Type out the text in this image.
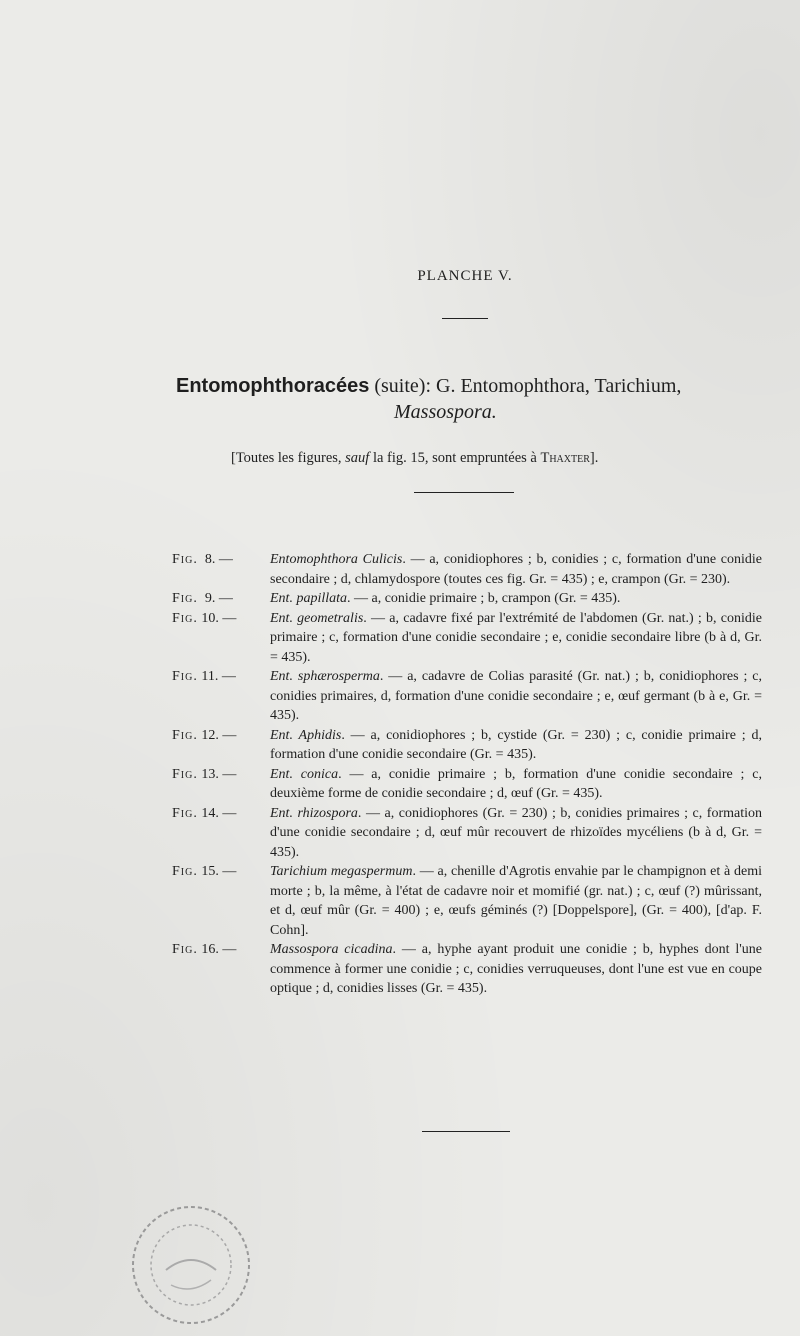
PLANCHE V.
Entomophthoracées (suite): G. Entomophthora, Tarichium,
Massospora.
[Toutes les figures, sauf la fig. 15, sont empruntées à Thaxter].
Fig. 8. —	Entomophthora Culicis. — a, conidiophores ; b, conidies ; c, formation d'une conidie secondaire ; d, chlamydospore (toutes ces fig. Gr. = 435) ; e, crampon (Gr. = 230).
Fig. 9. —	Ent. papillata. — a, conidie primaire ; b, crampon (Gr. = 435).
Fig. 10. —	Ent. geometralis. — a, cadavre fixé par l'extrémité de l'abdomen (Gr. nat.) ; b, conidie primaire ; c, formation d'une conidie secondaire ; e, conidie secondaire libre (b à d, Gr. = 435).
Fig. 11. —	Ent. sphærosperma. — a, cadavre de Colias parasité (Gr. nat.) ; b, conidiophores ; c, conidies primaires, d, formation d'une conidie secondaire ; e, œuf germant (b à e, Gr. = 435).
Fig. 12. —	Ent. Aphidis. — a, conidiophores ; b, cystide (Gr. = 230) ; c, conidie primaire ; d, formation d'une conidie secondaire (Gr. = 435).
Fig. 13. —	Ent. conica. — a, conidie primaire ; b, formation d'une conidie secondaire ; c, deuxième forme de conidie secondaire ; d, œuf (Gr. = 435).
Fig. 14. —	Ent. rhizospora. — a, conidiophores (Gr. = 230) ; b, conidies primaires ; c, formation d'une conidie secondaire ; d, œuf mûr recouvert de rhizoïdes mycéliens (b à d, Gr. = 435).
Fig. 15. —	Tarichium megaspermum. — a, chenille d'Agrotis envahie par le champignon et à demi morte ; b, la même, à l'état de cadavre noir et momifié (gr. nat.) ; c, œuf (?) mûrissant, et d, œuf mûr (Gr. = 400) ; e, œufs géminés (?) [Doppelspore], (Gr. = 400), [d'ap. F. Cohn].
Fig. 16. —	Massospora cicadina. — a, hyphe ayant produit une conidie ; b, hyphes dont l'une commence à former une conidie ; c, conidies verruqueuses, dont l'une est vue en coupe optique ; d, conidies lisses (Gr. = 435).
